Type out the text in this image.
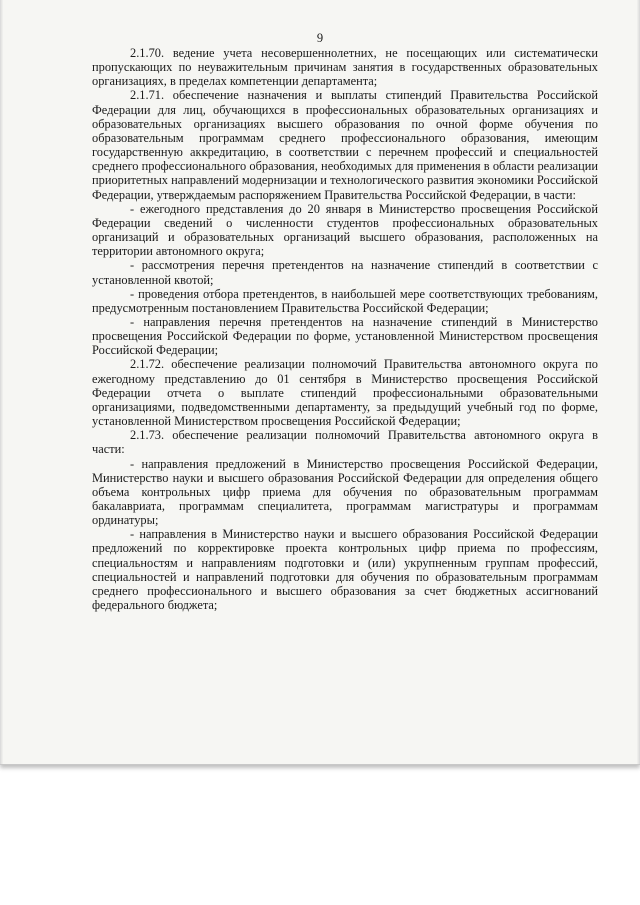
9

2.1.70. ведение учета несовершеннолетних, не посещающих или систематически пропускающих по неуважительным причинам занятия в государственных образовательных организациях, в пределах компетенции департамента;

2.1.71. обеспечение назначения и выплаты стипендий Правительства Российской Федерации для лиц, обучающихся в профессиональных образовательных организациях и образовательных организациях высшего образования по очной форме обучения по образовательным программам среднего профессионального образования, имеющим государственную аккредитацию, в соответствии с перечнем профессий и специальностей среднего профессионального образования, необходимых для применения в области реализации приоритетных направлений модернизации и технологического развития экономики Российской Федерации, утверждаемым распоряжением Правительства Российской Федерации, в части:

- ежегодного представления до 20 января в Министерство просвещения Российской Федерации сведений о численности студентов профессиональных образовательных организаций и образовательных организаций высшего образования, расположенных на территории автономного округа;

- рассмотрения перечня претендентов на назначение стипендий в соответствии с установленной квотой;

- проведения отбора претендентов, в наибольшей мере соответствующих требованиям, предусмотренным постановлением Правительства Российской Федерации;

- направления перечня претендентов на назначение стипендий в Министерство просвещения Российской Федерации по форме, установленной Министерством просвещения Российской Федерации;

2.1.72. обеспечение реализации полномочий Правительства автономного округа по ежегодному представлению до 01 сентября в Министерство просвещения Российской Федерации отчета о выплате стипендий профессиональными образовательными организациями, подведомственными департаменту, за предыдущий учебный год по форме, установленной Министерством просвещения Российской Федерации;

2.1.73. обеспечение реализации полномочий Правительства автономного округа в части:

- направления предложений в Министерство просвещения Российской Федерации, Министерство науки и высшего образования Российской Федерации для определения общего объема контрольных цифр приема для обучения по образовательным программам бакалавриата, программам специалитета, программам магистратуры и программам ординатуры;

- направления в Министерство науки и высшего образования Российской Федерации предложений по корректировке проекта контрольных цифр приема по профессиям, специальностям и направлениям подготовки и (или) укрупненным группам профессий, специальностей и направлений подготовки для обучения по образовательным программам среднего профессионального и высшего образования за счет бюджетных ассигнований федерального бюджета;
